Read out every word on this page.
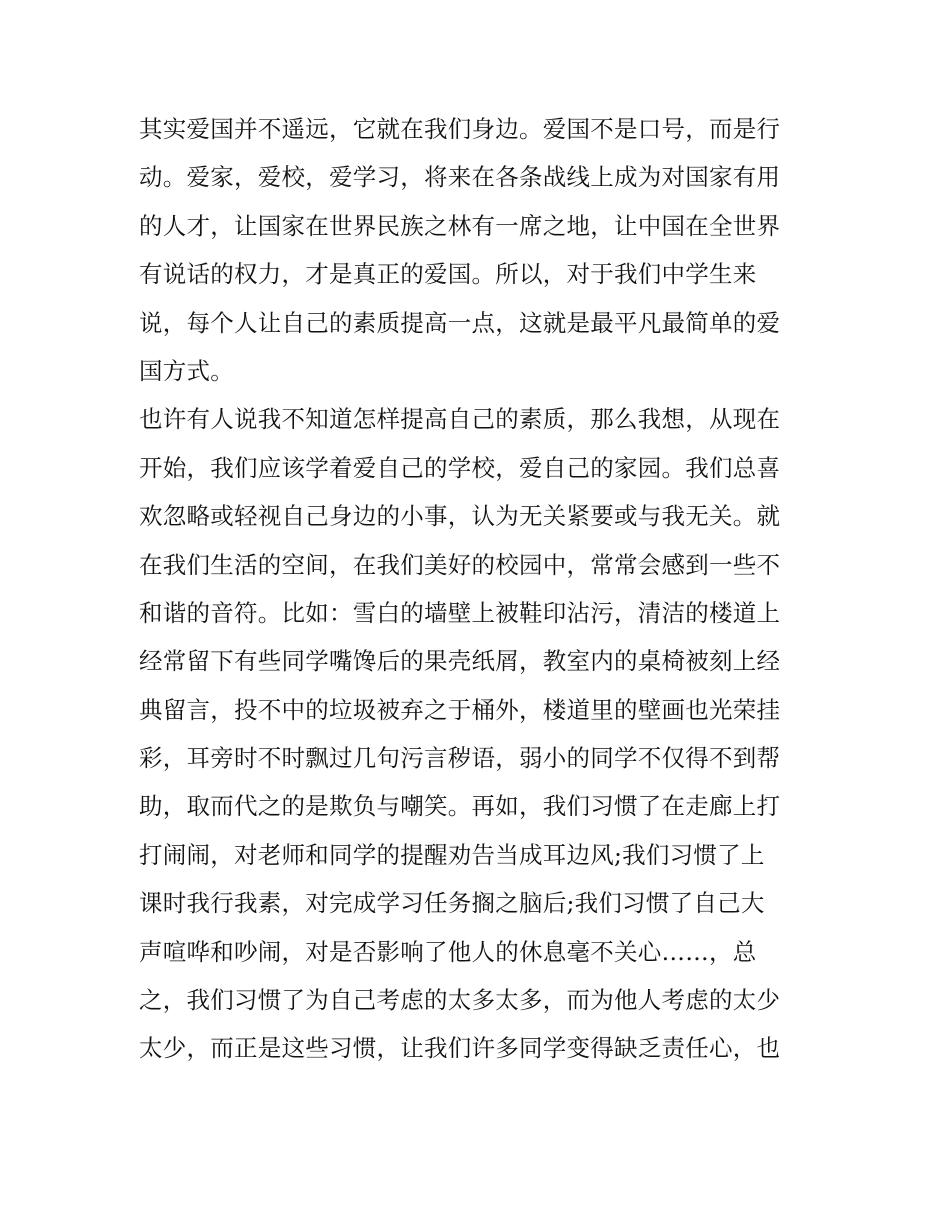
其实爱国并不遥远，它就在我们身边。爱国不是口号，而是行
动。爱家，爱校，爱学习，将来在各条战线上成为对国家有用
的人才，让国家在世界民族之林有一席之地，让中国在全世界
有说话的权力，才是真正的爱国。所以，对于我们中学生来
说，每个人让自己的素质提高一点，这就是最平凡最简单的爱
国方式。
也许有人说我不知道怎样提高自己的素质，那么我想，从现在
开始，我们应该学着爱自己的学校，爱自己的家园。我们总喜
欢忽略或轻视自己身边的小事，认为无关紧要或与我无关。就
在我们生活的空间，在我们美好的校园中，常常会感到一些不
和谐的音符。比如：雪白的墙壁上被鞋印沾污，清洁的楼道上
经常留下有些同学嘴馋后的果壳纸屑，教室内的桌椅被刻上经
典留言，投不中的垃圾被弃之于桶外，楼道里的壁画也光荣挂
彩，耳旁时不时飘过几句污言秽语，弱小的同学不仅得不到帮
助，取而代之的是欺负与嘲笑。再如，我们习惯了在走廊上打
打闹闹，对老师和同学的提醒劝告当成耳边风;我们习惯了上
课时我行我素，对完成学习任务搁之脑后;我们习惯了自己大
声喧哗和吵闹，对是否影响了他人的休息毫不关心……，总
之，我们习惯了为自己考虑的太多太多，而为他人考虑的太少
太少，而正是这些习惯，让我们许多同学变得缺乏责任心，也
